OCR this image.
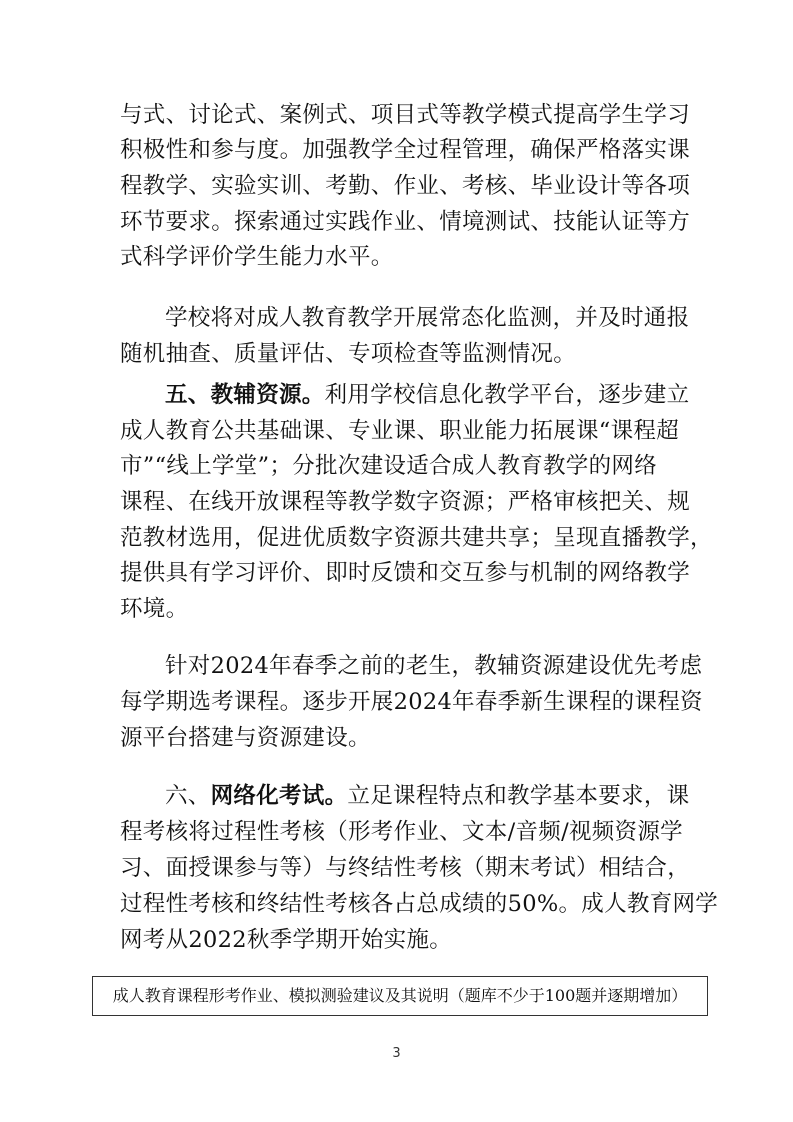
与式、讨论式、案例式、项目式等教学模式提高学生学习
积极性和参与度。加强教学全过程管理，确保严格落实课
程教学、实验实训、考勤、作业、考核、毕业设计等各项
环节要求。探索通过实践作业、情境测试、技能认证等方
式科学评价学生能力水平。
学校将对成人教育教学开展常态化监测，并及时通报
随机抽查、质量评估、专项检查等监测情况。
五、教辅资源。利用学校信息化教学平台，逐步建立
成人教育公共基础课、专业课、职业能力拓展课“课程超
市”“线上学堂”；分批次建设适合成人教育教学的网络
课程、在线开放课程等教学数字资源；严格审核把关、规
范教材选用，促进优质数字资源共建共享；呈现直播教学，
提供具有学习评价、即时反馈和交互参与机制的网络教学
环境。
针对2024年春季之前的老生，教辅资源建设优先考虑
每学期选考课程。逐步开展2024年春季新生课程的课程资
源平台搭建与资源建设。
六、网络化考试。立足课程特点和教学基本要求，课
程考核将过程性考核（形考作业、文本/音频/视频资源学
习、面授课参与等）与终结性考核（期末考试）相结合，
过程性考核和终结性考核各占总成绩的50%。成人教育网学
网考从2022秋季学期开始实施。
成人教育课程形考作业、模拟测验建议及其说明（题库不少于100题并逐期增加）
3
